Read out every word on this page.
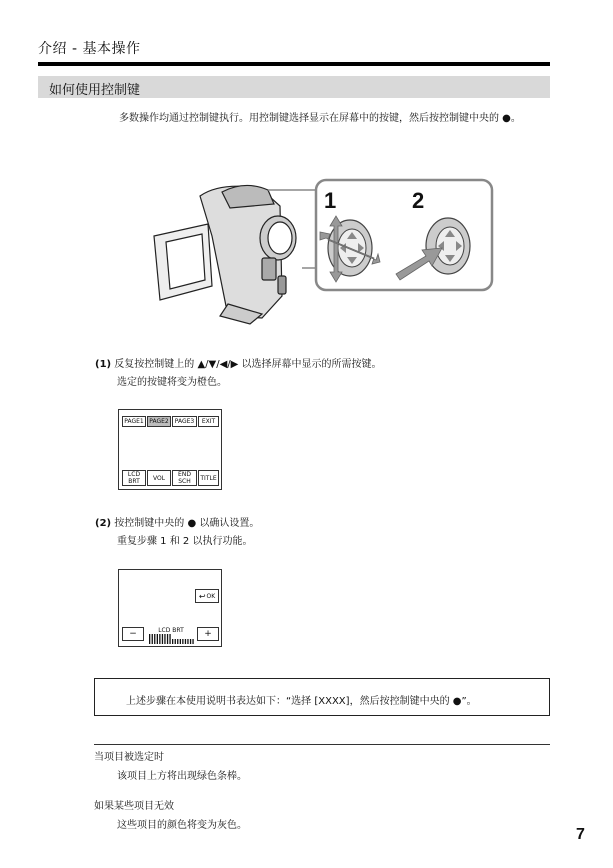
介绍 - 基本操作
如何使用控制键

多数操作均通过控制键执行。用控制键选择显示在屏幕中的按键，然后按控制键中央的 ●。

1	2
(1) 反复按控制键上的 ▲/▼/◀/▶ 以选择屏幕中显示的所需按键。
选定的按键将变为橙色。
PAGE1 PAGE2	PAGE3	EXIT
LCD
BRT	VOL	END
SCH	TITLE
(2) 按控制键中央的 ● 以确认设置。
重复步骤 1 和 2 以执行功能。
↩ OK
−	LCD BRT	+
上述步骤在本使用说明书表达如下：“选择 [XXXX]，然后按控制键中央的 ●”。
当项目被选定时
该项目上方将出现绿色条棒。
如果某些项目无效
这些项目的颜色将变为灰色。
7
